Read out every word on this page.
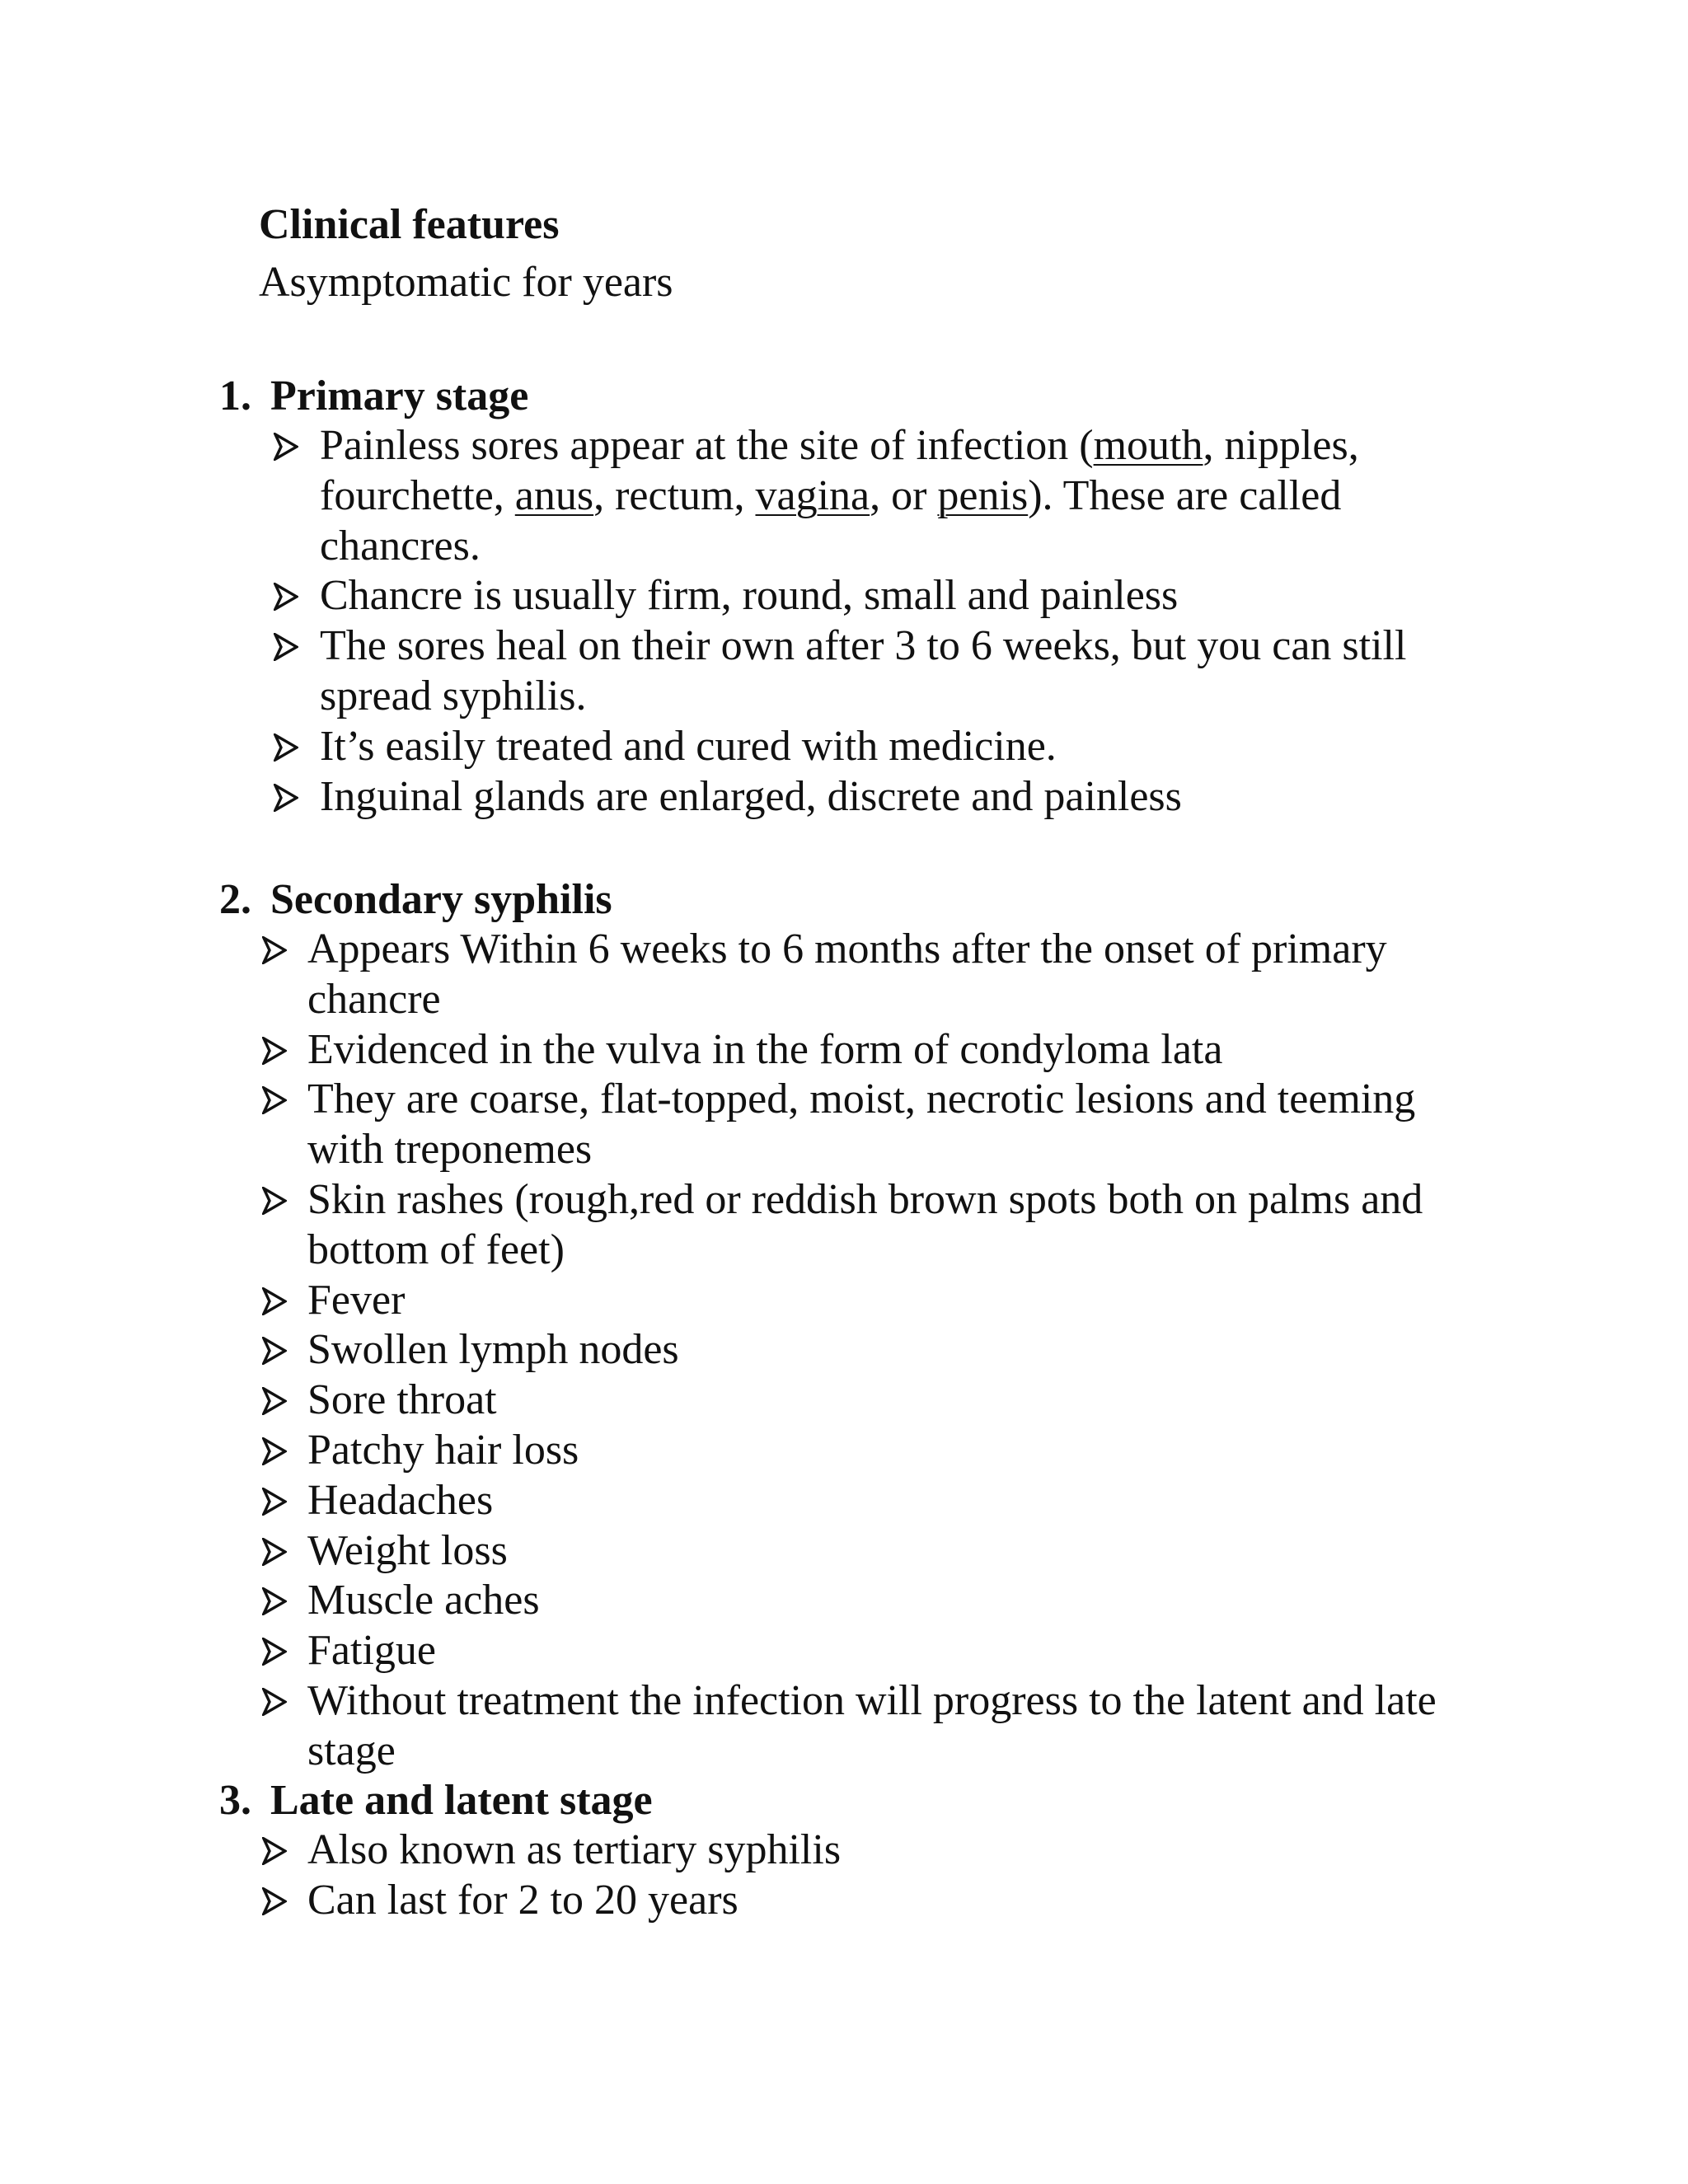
Clinical features
Asymptomatic for years
1. Primary stage
Painless sores appear at the site of infection (mouth, nipples, fourchette, anus, rectum, vagina, or penis). These are called chancres.
Chancre is usually firm, round, small and painless
The sores heal on their own after 3 to 6 weeks, but you can still spread syphilis.
It’s easily treated and cured with medicine.
Inguinal glands are enlarged, discrete and painless
2. Secondary syphilis
Appears Within 6 weeks to 6 months after the onset of primary chancre
Evidenced in the vulva in the form of condyloma lata
They are coarse, flat-topped, moist, necrotic lesions and teeming with treponemes
Skin rashes (rough,red or reddish brown spots both on palms and bottom of feet)
Fever
Swollen lymph nodes
Sore throat
Patchy hair loss
Headaches
Weight loss
Muscle aches
Fatigue
Without treatment the infection will progress to the latent and late stage
3. Late and latent stage
Also known as tertiary syphilis
Can last for 2 to 20 years
